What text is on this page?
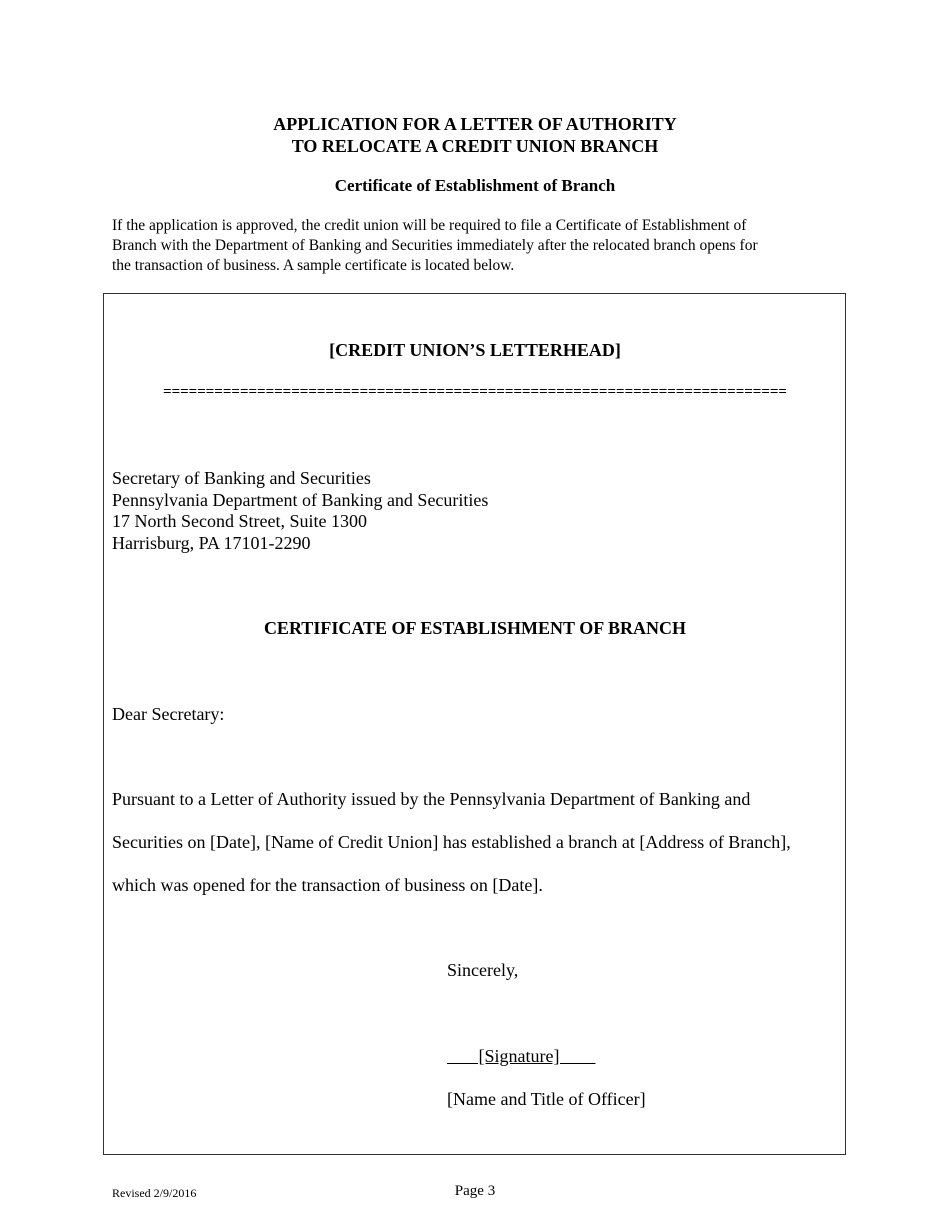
APPLICATION FOR A LETTER OF AUTHORITY
TO RELOCATE A CREDIT UNION BRANCH
Certificate of Establishment of Branch
If the application is approved, the credit union will be required to file a Certificate of Establishment of
Branch with the Department of Banking and Securities immediately after the relocated branch opens for
the transaction of business. A sample certificate is located below.
[CREDIT UNION’S LETTERHEAD]
=========================================================================
Secretary of Banking and Securities
Pennsylvania Department of Banking and Securities
17 North Second Street, Suite 1300
Harrisburg, PA 17101-2290
CERTIFICATE OF ESTABLISHMENT OF BRANCH
Dear Secretary:
Pursuant to a Letter of Authority issued by the Pennsylvania Department of Banking and
Securities on [Date], [Name of Credit Union] has established a branch at [Address of Branch],
which was opened for the transaction of business on [Date].
Sincerely,
[Signature]
[Name and Title of Officer]
Revised 2/9/2016	Page 3
